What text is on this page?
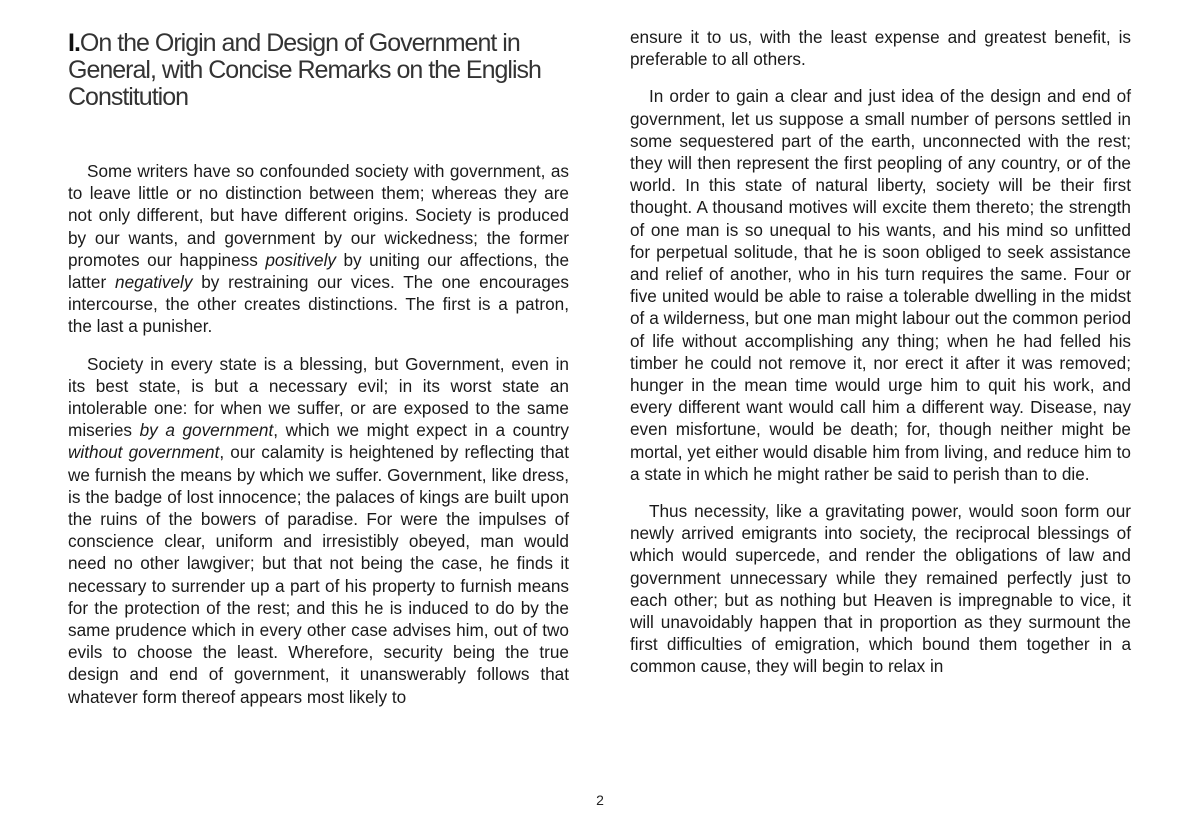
I.On the Origin and Design of Government in General, with Concise Remarks on the English Constitution

Some writers have so confounded society with government, as to leave little or no distinction between them; whereas they are not only different, but have different origins. Society is produced by our wants, and government by our wickedness; the former promotes our happiness positively by uniting our affections, the latter negatively by restraining our vices. The one encourages intercourse, the other creates distinctions. The first is a patron, the last a punisher.

Society in every state is a blessing, but Government, even in its best state, is but a necessary evil; in its worst state an intolerable one: for when we suffer, or are exposed to the same miseries by a government, which we might expect in a country without government, our calamity is heightened by reflecting that we furnish the means by which we suffer. Government, like dress, is the badge of lost innocence; the palaces of kings are built upon the ruins of the bowers of paradise. For were the impulses of conscience clear, uniform and irresistibly obeyed, man would need no other lawgiver; but that not being the case, he finds it necessary to surrender up a part of his property to furnish means for the protection of the rest; and this he is induced to do by the same prudence which in every other case advises him, out of two evils to choose the least. Wherefore, security being the true design and end of government, it unanswerably follows that whatever form thereof appears most likely to

ensure it to us, with the least expense and greatest benefit, is preferable to all others.

In order to gain a clear and just idea of the design and end of government, let us suppose a small number of persons settled in some sequestered part of the earth, unconnected with the rest; they will then represent the first peopling of any country, or of the world. In this state of natural liberty, society will be their first thought. A thousand motives will excite them thereto; the strength of one man is so unequal to his wants, and his mind so unfitted for perpetual solitude, that he is soon obliged to seek assistance and relief of another, who in his turn requires the same. Four or five united would be able to raise a tolerable dwelling in the midst of a wilderness, but one man might labour out the common period of life without accomplishing any thing; when he had felled his timber he could not remove it, nor erect it after it was removed; hunger in the mean time would urge him to quit his work, and every different want would call him a different way. Disease, nay even misfortune, would be death; for, though neither might be mortal, yet either would disable him from living, and reduce him to a state in which he might rather be said to perish than to die.

Thus necessity, like a gravitating power, would soon form our newly arrived emigrants into society, the reciprocal blessings of which would supercede, and render the obligations of law and government unnecessary while they remained perfectly just to each other; but as nothing but Heaven is impregnable to vice, it will unavoidably happen that in proportion as they surmount the first difficulties of emigration, which bound them together in a common cause, they will begin to relax in

2
